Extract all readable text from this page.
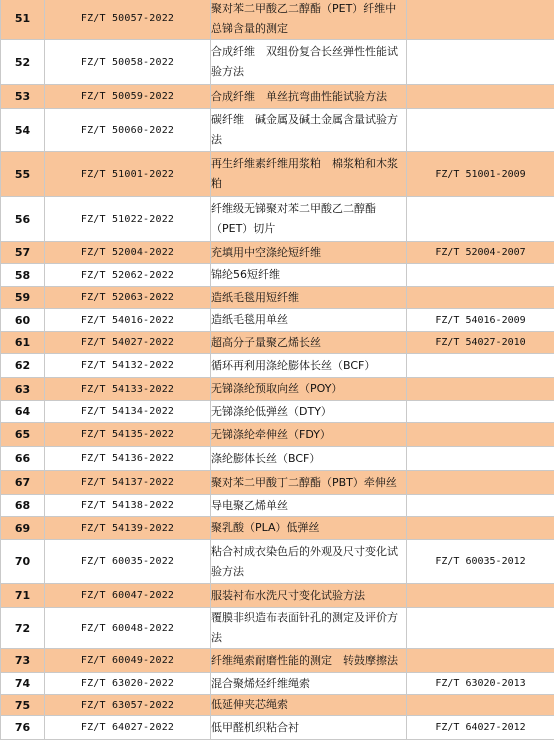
51	FZ/T 50057-2022	聚对苯二甲酸乙二醇酯（PET）纤维中总锑含量的测定	
52	FZ/T 50058-2022	合成纤维　双组份复合长丝弹性性能试验方法	
53	FZ/T 50059-2022	合成纤维　单丝抗弯曲性能试验方法	
54	FZ/T 50060-2022	碳纤维　碱金属及碱土金属含量试验方法	
55	FZ/T 51001-2022	再生纤维素纤维用浆粕　棉浆粕和木浆粕	FZ/T 51001-2009
56	FZ/T 51022-2022	纤维级无锑聚对苯二甲酸乙二醇酯（PET）切片	
57	FZ/T 52004-2022	充填用中空涤纶短纤维	FZ/T 52004-2007
58	FZ/T 52062-2022	锦纶56短纤维	
59	FZ/T 52063-2022	造纸毛毯用短纤维	
60	FZ/T 54016-2022	造纸毛毯用单丝	FZ/T 54016-2009
61	FZ/T 54027-2022	超高分子量聚乙烯长丝	FZ/T 54027-2010
62	FZ/T 54132-2022	循环再利用涤纶膨体长丝（BCF）	
63	FZ/T 54133-2022	无锑涤纶预取向丝（POY）	
64	FZ/T 54134-2022	无锑涤纶低弹丝（DTY）	
65	FZ/T 54135-2022	无锑涤纶牵伸丝（FDY）	
66	FZ/T 54136-2022	涤纶膨体长丝（BCF）	
67	FZ/T 54137-2022	聚对苯二甲酸丁二醇酯（PBT）牵伸丝	
68	FZ/T 54138-2022	导电聚乙烯单丝	
69	FZ/T 54139-2022	聚乳酸（PLA）低弹丝	
70	FZ/T 60035-2022	粘合衬成衣染色后的外观及尺寸变化试验方法	FZ/T 60035-2012
71	FZ/T 60047-2022	服装衬布水洗尺寸变化试验方法	
72	FZ/T 60048-2022	覆膜非织造布表面针孔的测定及评价方法	
73	FZ/T 60049-2022	纤维绳索耐磨性能的测定　转鼓摩擦法	
74	FZ/T 63020-2022	混合聚烯烃纤维绳索	FZ/T 63020-2013
75	FZ/T 63057-2022	低延伸夹芯绳索	
76	FZ/T 64027-2022	低甲醛机织粘合衬	FZ/T 64027-2012
